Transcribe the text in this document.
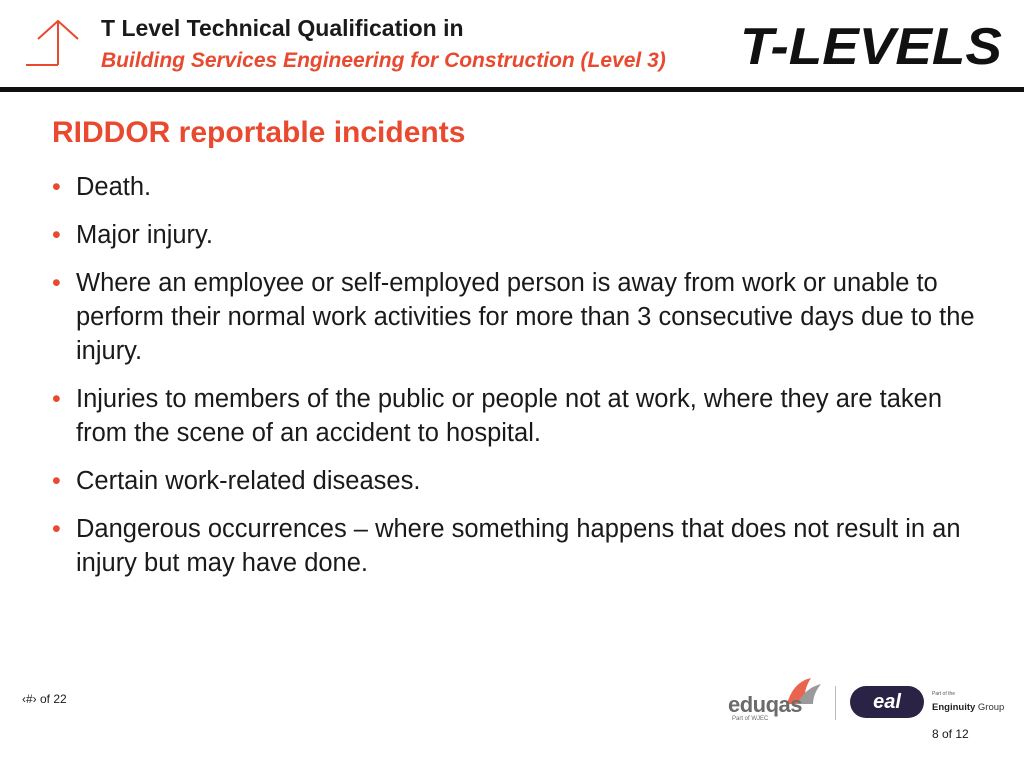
T Level Technical Qualification in
Building Services Engineering for Construction (Level 3) T-LEVELS
RIDDOR reportable incidents
• Death.
• Major injury.
• Where an employee or self-employed person is away from work or unable to perform their normal work activities for more than 3 consecutive days due to the injury.
• Injuries to members of the public or people not at work, where they are taken from the scene of an accident to hospital.
• Certain work-related diseases.
• Dangerous occurrences – where something happens that does not result in an injury but may have done.
‹#› of 22	eduqas
Part of WJEC
eal	Part of the
Enginuity Group
8 of 12
